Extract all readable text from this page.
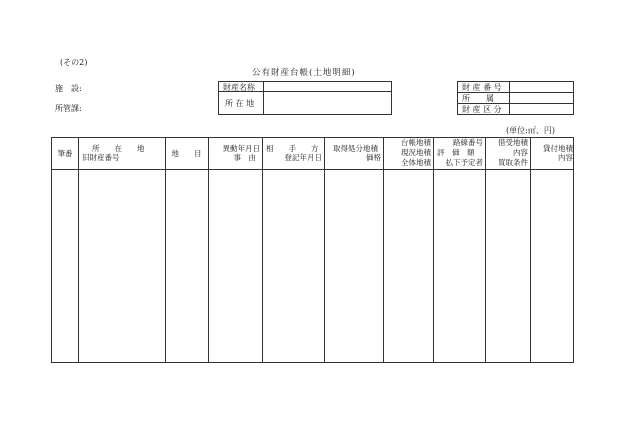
(その2)
公有財産台帳(土地明細)
施　設:
所管課:
財産名称
所 在 地
財 産 番 号
所　　属
財 産 区 分
(単位:㎡、円)
筆番
所　　在　　地
旧財産番号	地　　目
異動年月日
事　由
相　　手　　方
登記年月日
取得処分地積
価格
台帳地積
現況地積
全体地積
路線番号
評　価　額
払下予定者
借受地積
内容
買取条件
貸付地積
内容
